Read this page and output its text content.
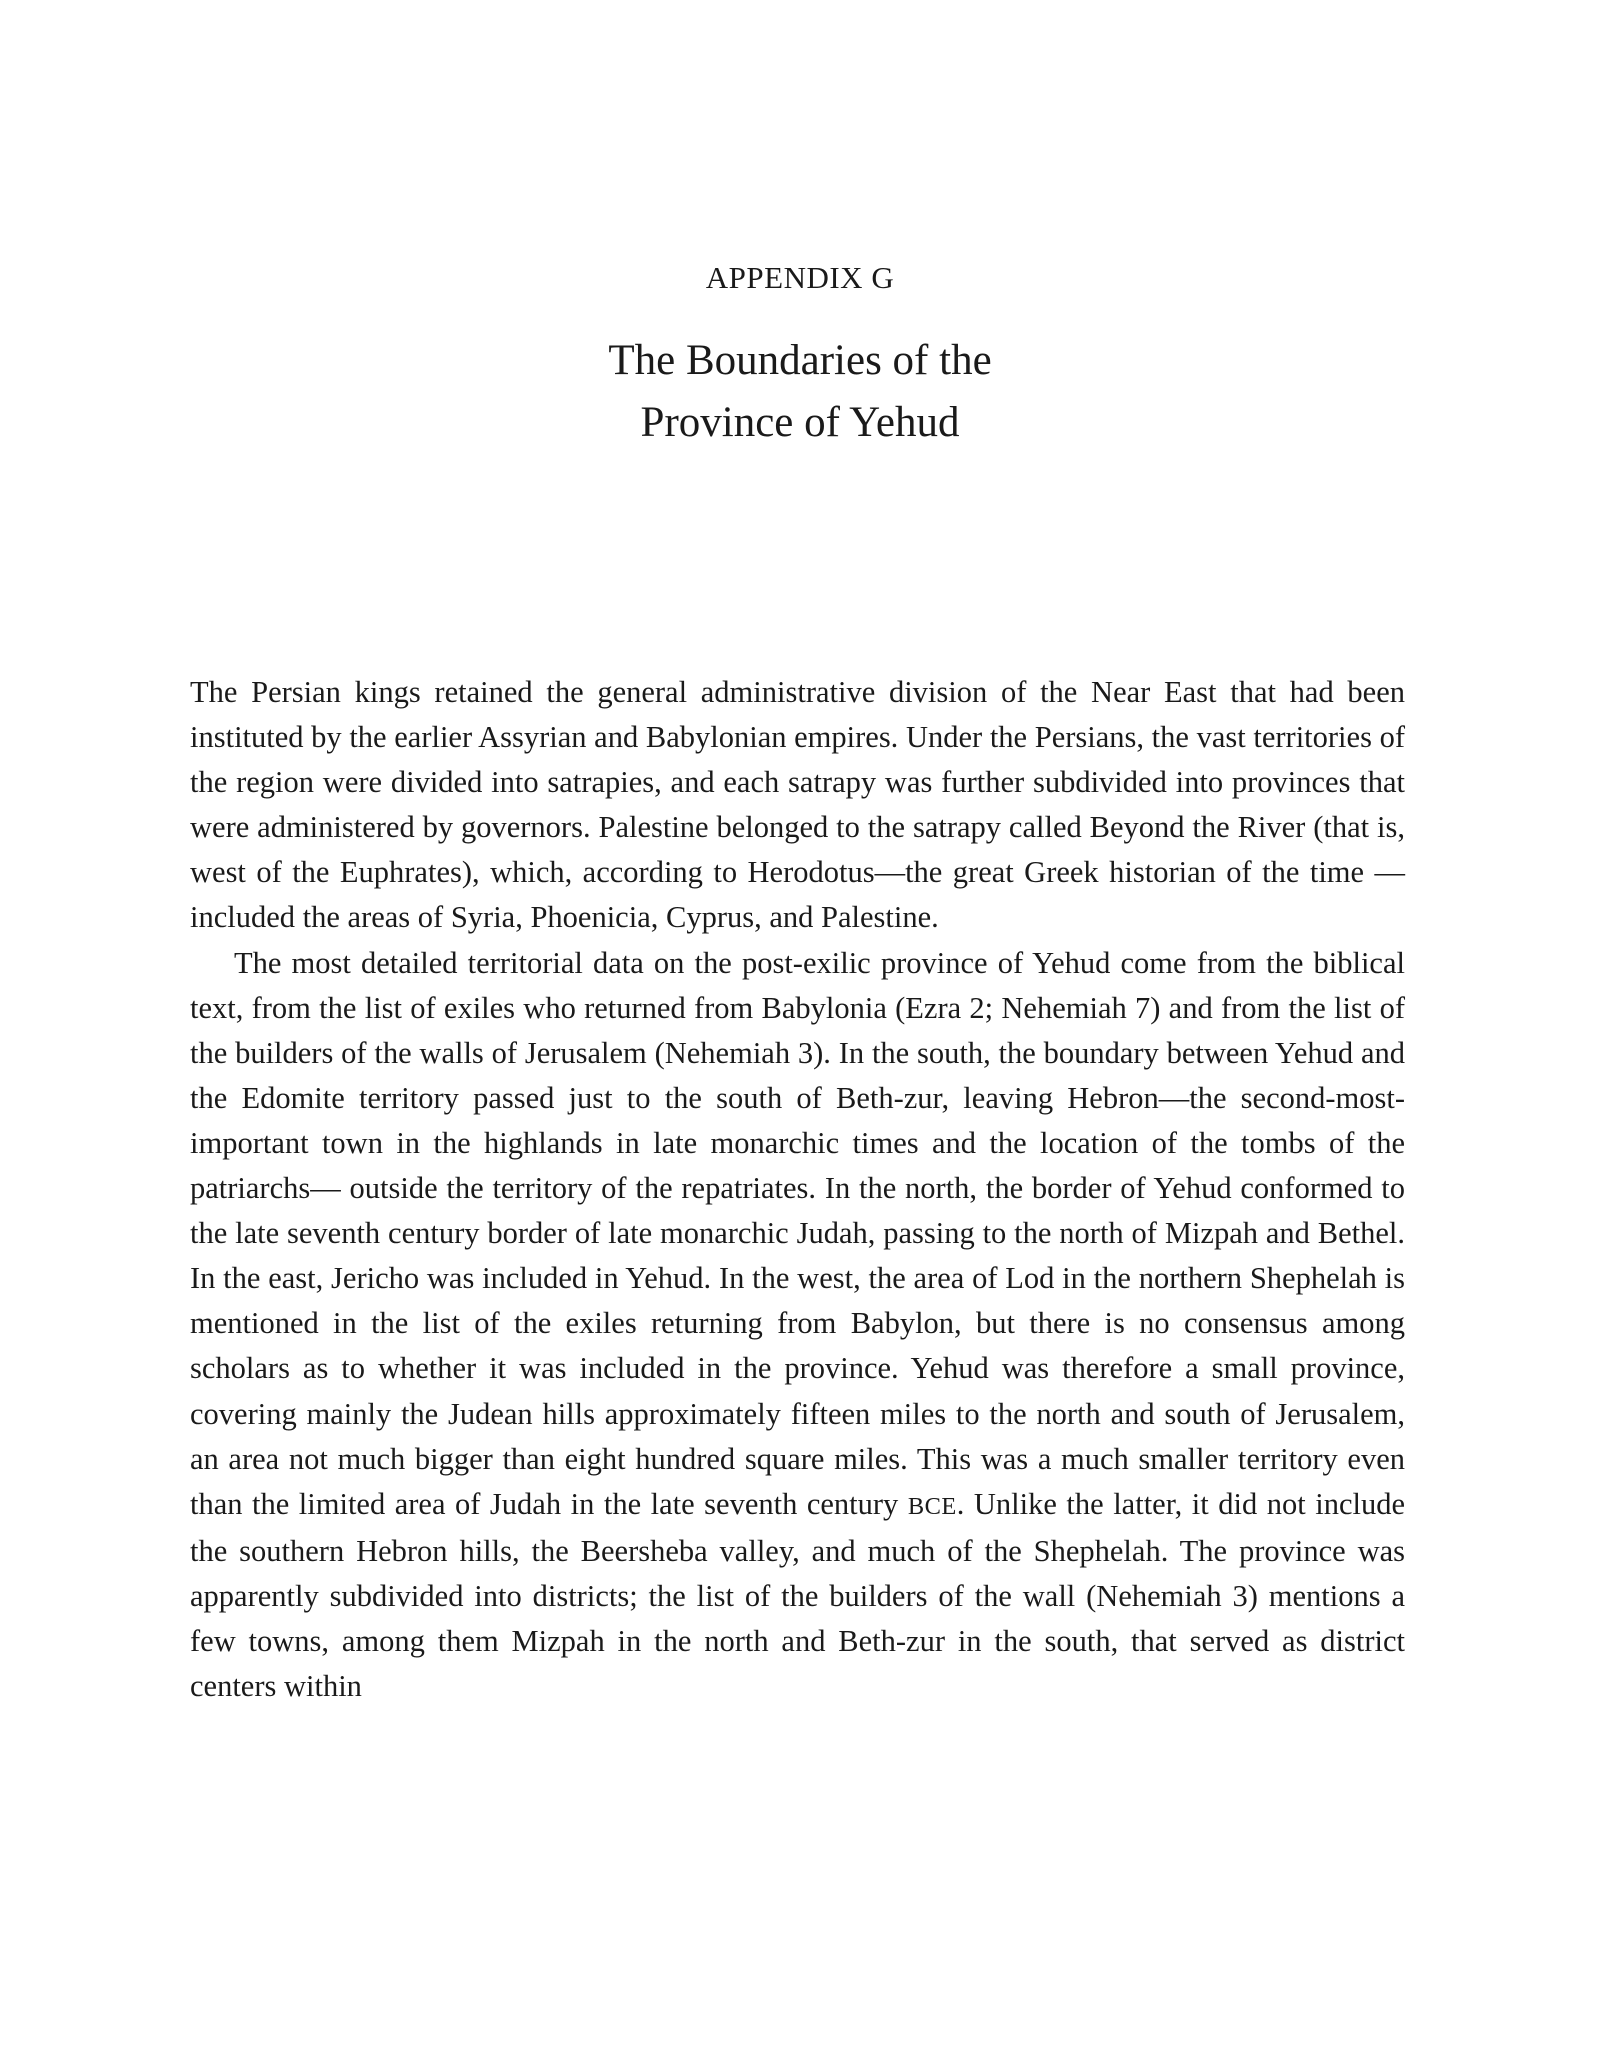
APPENDIX G
The Boundaries of the
Province of Yehud

The Persian kings retained the general administrative division of the Near East that had been instituted by the earlier Assyrian and Babylonian empires. Under the Persians, the vast territories of the region were divided into satrapies, and each satrapy was further subdivided into provinces that were administered by governors. Palestine belonged to the satrapy called Beyond the River (that is, west of the Euphrates), which, according to Herodotus—the great Greek historian of the time —included the areas of Syria, Phoenicia, Cyprus, and Palestine.

The most detailed territorial data on the post-exilic province of Yehud come from the biblical text, from the list of exiles who returned from Babylonia (Ezra 2; Nehemiah 7) and from the list of the builders of the walls of Jerusalem (Nehemiah 3). In the south, the boundary between Yehud and the Edomite territory passed just to the south of Beth-zur, leaving Hebron—the second-most-important town in the highlands in late monarchic times and the location of the tombs of the patriarchs— outside the territory of the repatriates. In the north, the border of Yehud conformed to the late seventh century border of late monarchic Judah, passing to the north of Mizpah and Bethel. In the east, Jericho was included in Yehud. In the west, the area of Lod in the northern Shephelah is mentioned in the list of the exiles returning from Babylon, but there is no consensus among scholars as to whether it was included in the province. Yehud was therefore a small province, covering mainly the Judean hills approximately fifteen miles to the north and south of Jerusalem, an area not much bigger than eight hundred square miles. This was a much smaller territory even than the limited area of Judah in the late seventh century BCE. Unlike the latter, it did not include the southern Hebron hills, the Beersheba valley, and much of the Shephelah. The province was apparently subdivided into districts; the list of the builders of the wall (Nehemiah 3) mentions a few towns, among them Mizpah in the north and Beth-zur in the south, that served as district centers within
